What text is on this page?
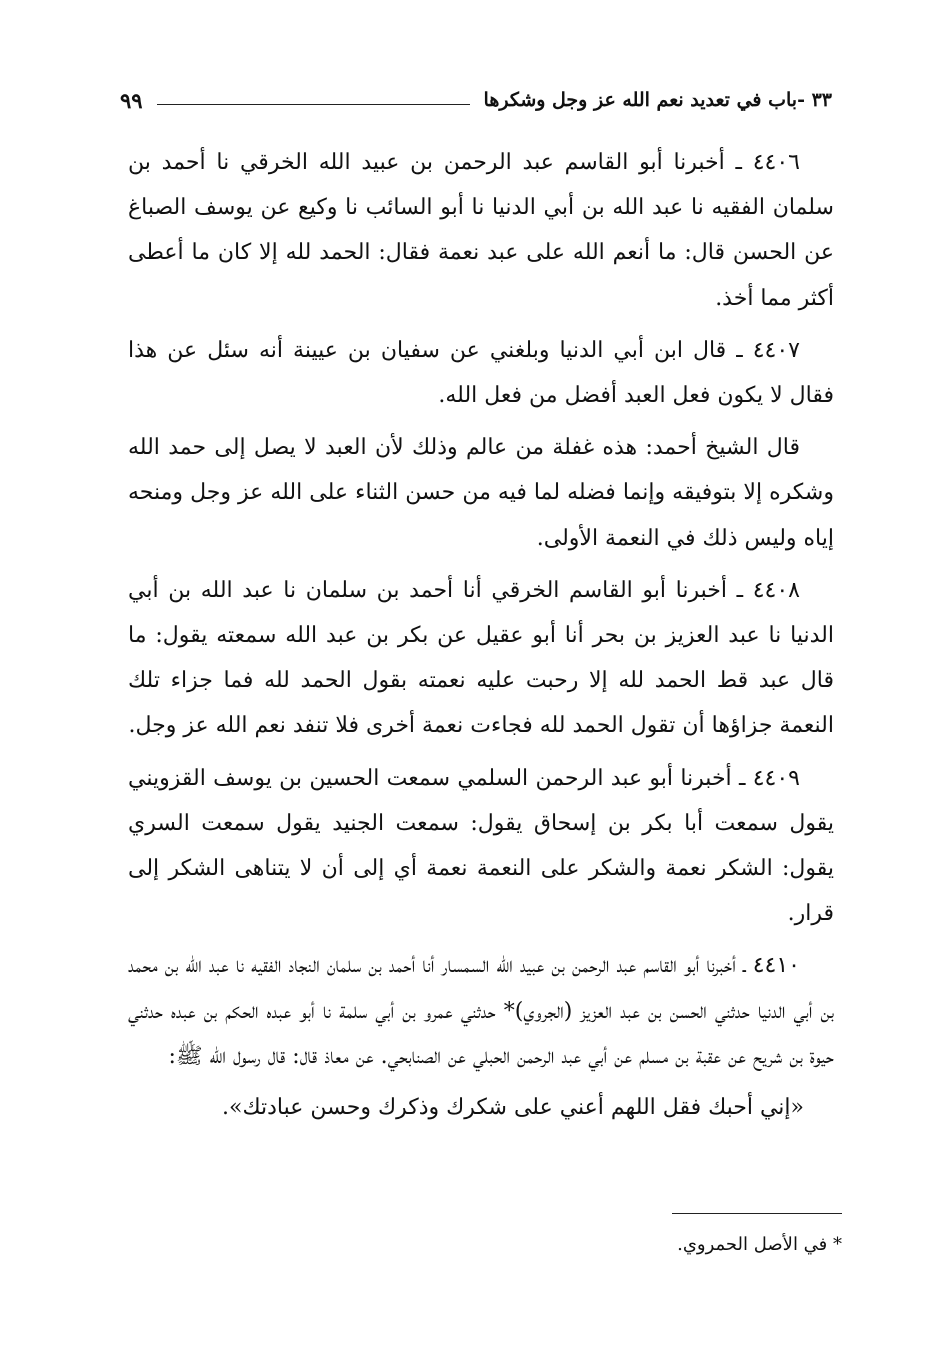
٣٣ -باب في تعديد نعم الله عز وجل وشكرها
٩٩

٤٤٠٦ ـ أخبرنا أبو القاسم عبد الرحمن بن عبيد الله الخرقي نا أحمد بن سلمان الفقيه نا عبد الله بن أبي الدنيا نا أبو السائب نا وكيع عن يوسف الصباغ عن الحسن قال: ما أنعم الله على عبد نعمة فقال: الحمد لله إلا كان ما أعطى أكثر مما أخذ.

٤٤٠٧ ـ قال ابن أبي الدنيا وبلغني عن سفيان بن عيينة أنه سئل عن هذا فقال لا يكون فعل العبد أفضل من فعل الله.

قال الشيخ أحمد: هذه غفلة من عالم وذلك لأن العبد لا يصل إلى حمد الله وشكره إلا بتوفيقه وإنما فضله لما فيه من حسن الثناء على الله عز وجل ومنحه إياه وليس ذلك في النعمة الأولى.

٤٤٠٨ ـ أخبرنا أبو القاسم الخرقي أنا أحمد بن سلمان نا عبد الله بن أبي الدنيا نا عبد العزيز بن بحر أنا أبو عقيل عن بكر بن عبد الله سمعته يقول: ما قال عبد قط الحمد لله إلا رحبت عليه نعمته بقول الحمد لله فما جزاء تلك النعمة جزاؤها أن تقول الحمد لله فجاءت نعمة أخرى فلا تنفد نعم الله عز وجل.

٤٤٠٩ ـ أخبرنا أبو عبد الرحمن السلمي سمعت الحسين بن يوسف القزويني يقول سمعت أبا بكر بن إسحاق يقول: سمعت الجنيد يقول سمعت السري يقول: الشكر نعمة والشكر على النعمة نعمة أي إلى أن لا يتناهى الشكر إلى قرار.

٤٤١٠ ـ أخبرنا أبو القاسم عبد الرحمن بن عبيد الله السمسار أنا أحمد بن سلمان النجاد الفقيه نا عبد الله بن محمد بن أبي الدنيا حدثني الحسن بن عبد العزيز (الجروي)* حدثني عمرو بن أبي سلمة نا أبو عبده الحكم بن عبده حدثني حيوة بن شريح عن عقبة بن مسلم عن أبي عبد الرحمن الحبلي عن الصنابحي. عن معاذ قال: قال رسول الله ﷺ:

«إني أحبك فقل اللهم أعني على شكرك وذكرك وحسن عبادتك».

* في الأصل الحمروي.
